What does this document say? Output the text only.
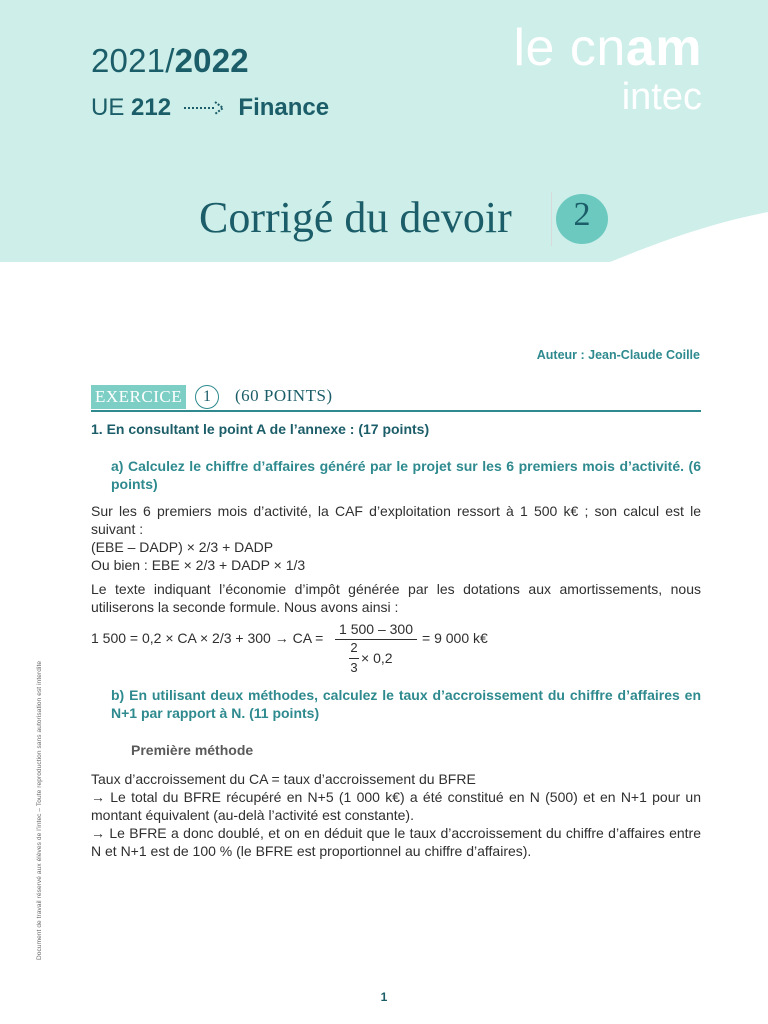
2021/2022
UE 212	Finance
le cnam
intec
Corrigé du devoir	2
Auteur : Jean-Claude Coille
EXERCICE	1	(60 POINTS)
1. En consultant le point A de l’annexe : (17 points)
a) Calculez le chiffre d’affaires généré par le projet sur les 6 premiers mois d’activité. (6 points)
Sur les 6 premiers mois d’activité, la CAF d’exploitation ressort à 1 500 k€ ; son calcul est le suivant :
(EBE – DADP) × 2/3 + DADP
Ou bien : EBE × 2/3 + DADP × 1/3
Le texte indiquant l’économie d’impôt générée par les dotations aux amortissements, nous utiliserons la seconde formule. Nous avons ainsi :
1 500 = 0,2 × CA × 2/3 + 300 → CA =
1 500 – 300
2
3
× 0,2
= 9 000 k€
b) En utilisant deux méthodes, calculez le taux d’accroissement du chiffre d’affaires en N+1 par rapport à N. (11 points)
Première méthode
Taux d’accroissement du CA = taux d’accroissement du BFRE
→ Le total du BFRE récupéré en N+5 (1 000 k€) a été constitué en N (500) et en N+1 pour un montant équivalent (au-delà l’activité est constante).
→ Le BFRE a donc doublé, et on en déduit que le taux d’accroissement du chiffre d’affaires entre N et N+1 est de 100 % (le BFRE est proportionnel au chiffre d’affaires).
Document de travail réservé aux élèves de l’intec – Toute reproduction sans autorisation est interdite
1
